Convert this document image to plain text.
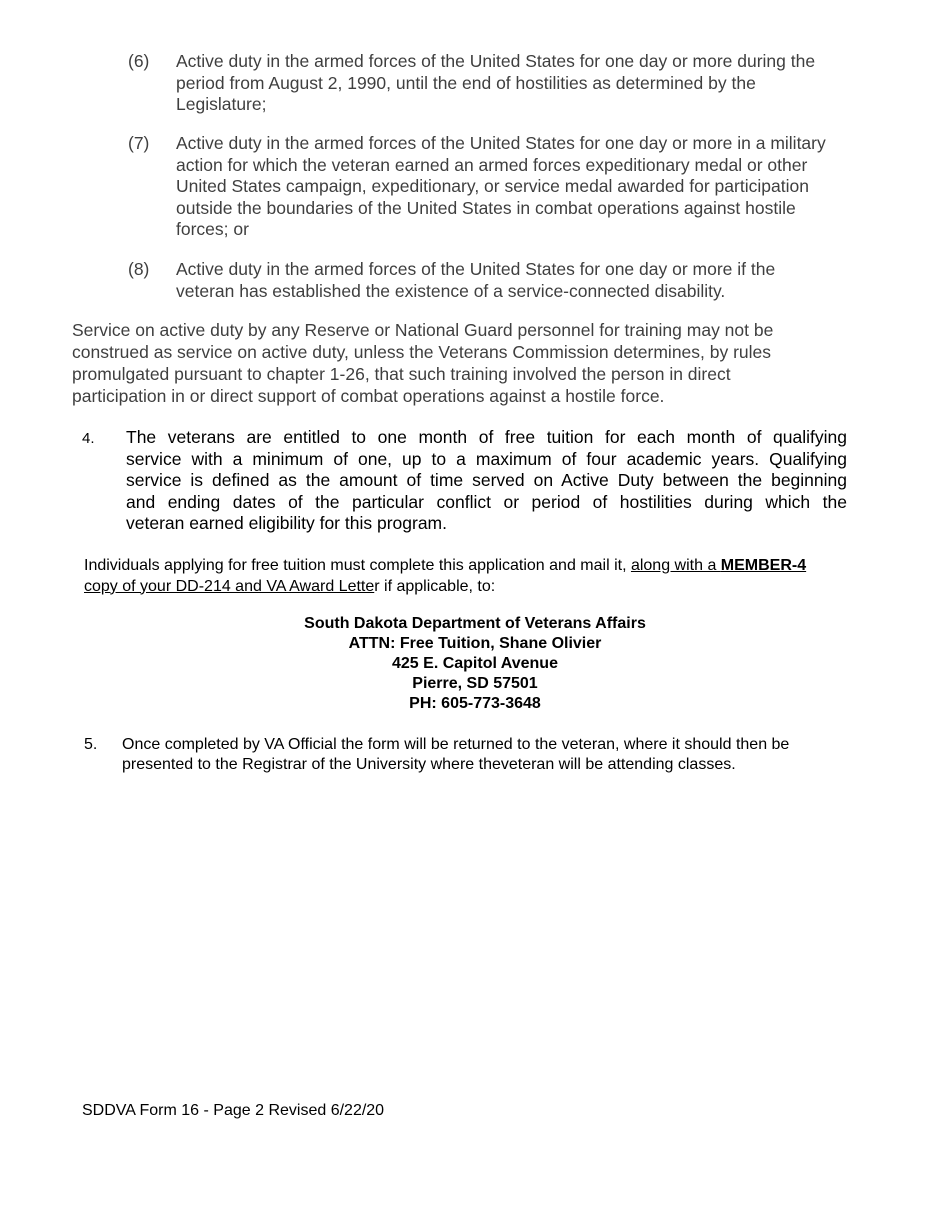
(6) Active duty in the armed forces of the United States for one day or more during the
period from August 2, 1990, until the end of hostilities as determined by the
Legislature;
(7) Active duty in the armed forces of the United States for one day or more in a military
action for which the veteran earned an armed forces expeditionary medal or other
United States campaign, expeditionary, or service medal awarded for participation
outside the boundaries of the United States in combat operations against hostile
forces; or
(8) Active duty in the armed forces of the United States for one day or more if the
veteran has established the existence of a service-connected disability.
Service on active duty by any Reserve or National Guard personnel for training may not be
construed as service on active duty, unless the Veterans Commission determines, by rules
promulgated pursuant to chapter 1-26, that such training involved the person in direct
participation in or direct support of combat operations against a hostile force.
4. The veterans are entitled to one month of free tuition for each month of qualifying
service with a minimum of one, up to a maximum of four academic years. Qualifying
service is defined as the amount of time served on Active Duty between the beginning
and ending dates of the particular conflict or period of hostilities during which the
veteran earned eligibility for this program.
Individuals applying for free tuition must complete this application and mail it, along with a MEMBER-4
copy of your DD-214 and VA Award Letter if applicable, to:
South Dakota Department of Veterans Affairs
ATTN: Free Tuition, Shane Olivier
425 E. Capitol Avenue
Pierre, SD 57501
PH: 605-773-3648
5. Once completed by VA Official the form will be returned to the veteran, where it should then be
presented to the Registrar of the University where theveteran will be attending classes.
SDDVA Form 16 - Page 2 Revised 6/22/20
